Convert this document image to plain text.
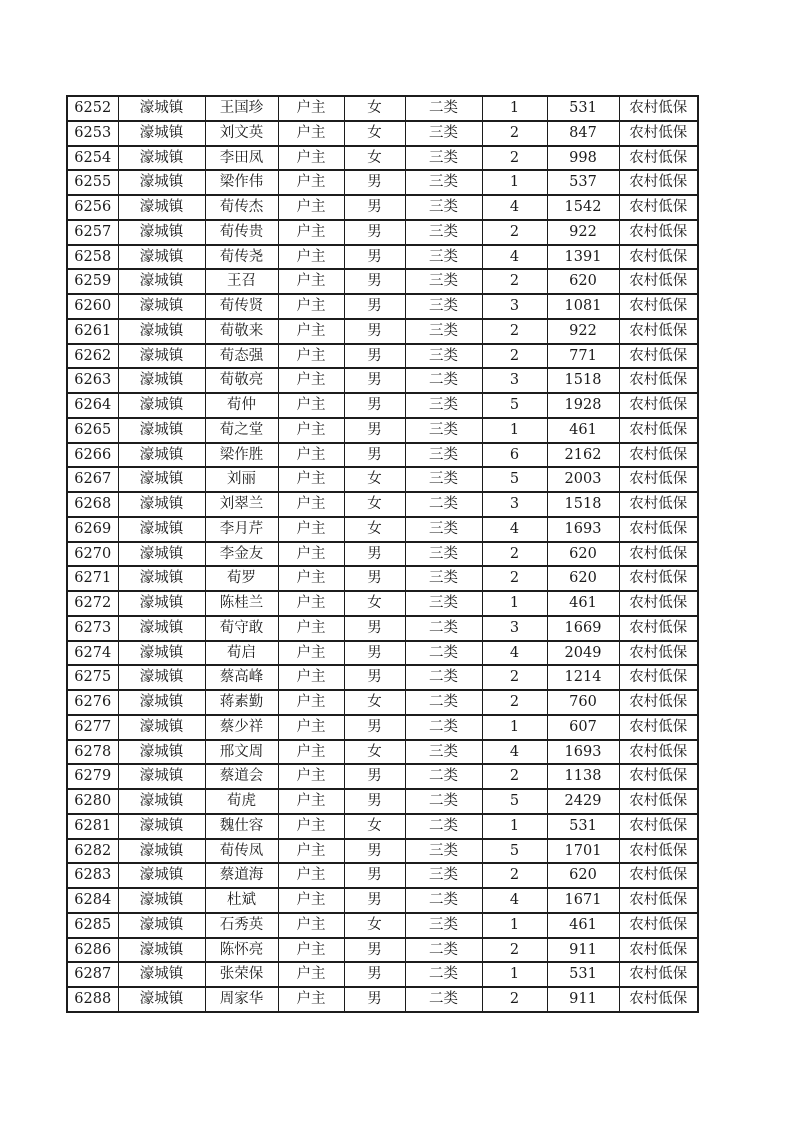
6252	濠城镇	王国珍	户主	女	二类	1	531	农村低保
6253	濠城镇	刘文英	户主	女	三类	2	847	农村低保
6254	濠城镇	李田凤	户主	女	三类	2	998	农村低保
6255	濠城镇	梁作伟	户主	男	三类	1	537	农村低保
6256	濠城镇	荀传杰	户主	男	三类	4	1542	农村低保
6257	濠城镇	荀传贵	户主	男	三类	2	922	农村低保
6258	濠城镇	荀传尧	户主	男	三类	4	1391	农村低保
6259	濠城镇	王召	户主	男	三类	2	620	农村低保
6260	濠城镇	荀传贤	户主	男	三类	3	1081	农村低保
6261	濠城镇	荀敬来	户主	男	三类	2	922	农村低保
6262	濠城镇	荀态强	户主	男	三类	2	771	农村低保
6263	濠城镇	荀敬亮	户主	男	二类	3	1518	农村低保
6264	濠城镇	荀仲	户主	男	三类	5	1928	农村低保
6265	濠城镇	荀之堂	户主	男	三类	1	461	农村低保
6266	濠城镇	梁作胜	户主	男	三类	6	2162	农村低保
6267	濠城镇	刘丽	户主	女	三类	5	2003	农村低保
6268	濠城镇	刘翠兰	户主	女	二类	3	1518	农村低保
6269	濠城镇	李月芹	户主	女	三类	4	1693	农村低保
6270	濠城镇	李金友	户主	男	三类	2	620	农村低保
6271	濠城镇	荀罗	户主	男	三类	2	620	农村低保
6272	濠城镇	陈桂兰	户主	女	三类	1	461	农村低保
6273	濠城镇	荀守敢	户主	男	二类	3	1669	农村低保
6274	濠城镇	荀启	户主	男	二类	4	2049	农村低保
6275	濠城镇	蔡高峰	户主	男	二类	2	1214	农村低保
6276	濠城镇	蒋素勤	户主	女	二类	2	760	农村低保
6277	濠城镇	蔡少祥	户主	男	二类	1	607	农村低保
6278	濠城镇	邢文周	户主	女	三类	4	1693	农村低保
6279	濠城镇	蔡道会	户主	男	二类	2	1138	农村低保
6280	濠城镇	荀虎	户主	男	二类	5	2429	农村低保
6281	濠城镇	魏仕容	户主	女	二类	1	531	农村低保
6282	濠城镇	荀传凤	户主	男	三类	5	1701	农村低保
6283	濠城镇	蔡道海	户主	男	三类	2	620	农村低保
6284	濠城镇	杜斌	户主	男	二类	4	1671	农村低保
6285	濠城镇	石秀英	户主	女	三类	1	461	农村低保
6286	濠城镇	陈怀亮	户主	男	二类	2	911	农村低保
6287	濠城镇	张荣保	户主	男	二类	1	531	农村低保
6288	濠城镇	周家华	户主	男	二类	2	911	农村低保
